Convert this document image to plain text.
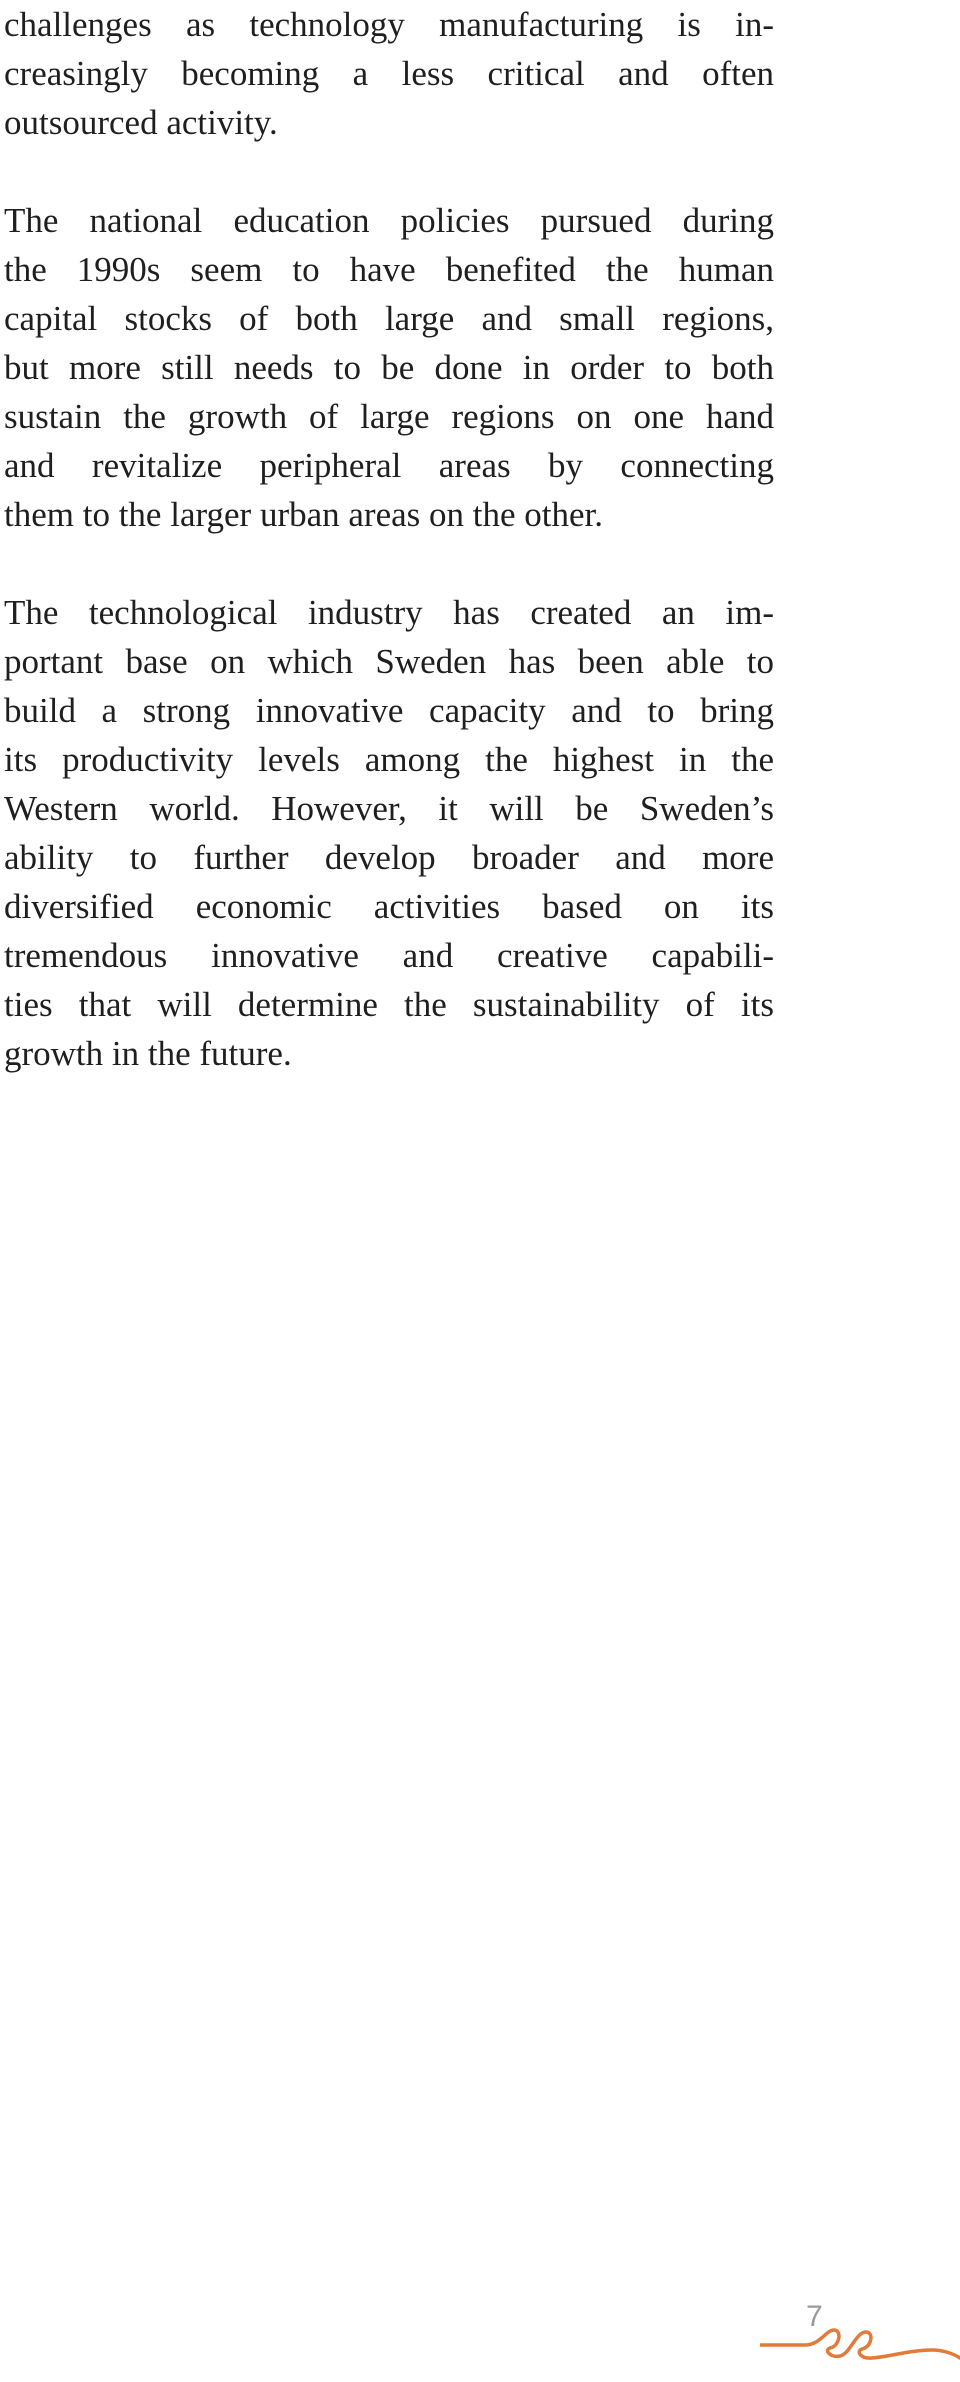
challenges as technology manufacturing is in-
creasingly becoming a less critical and often
outsourced activity.

The national education policies pursued during
the 1990s seem to have benefited the human
capital stocks of both large and small regions,
but more still needs to be done in order to both
sustain the growth of large regions on one hand
and revitalize peripheral areas by connecting
them to the larger urban areas on the other.

The technological industry has created an im-
portant base on which Sweden has been able to
build a strong innovative capacity and to bring
its productivity levels among the highest in the
Western world. However, it will be Sweden’s
ability to further develop broader and more
diversified economic activities based on its
tremendous innovative and creative capabili-
ties that will determine the sustainability of its
growth in the future.

7
